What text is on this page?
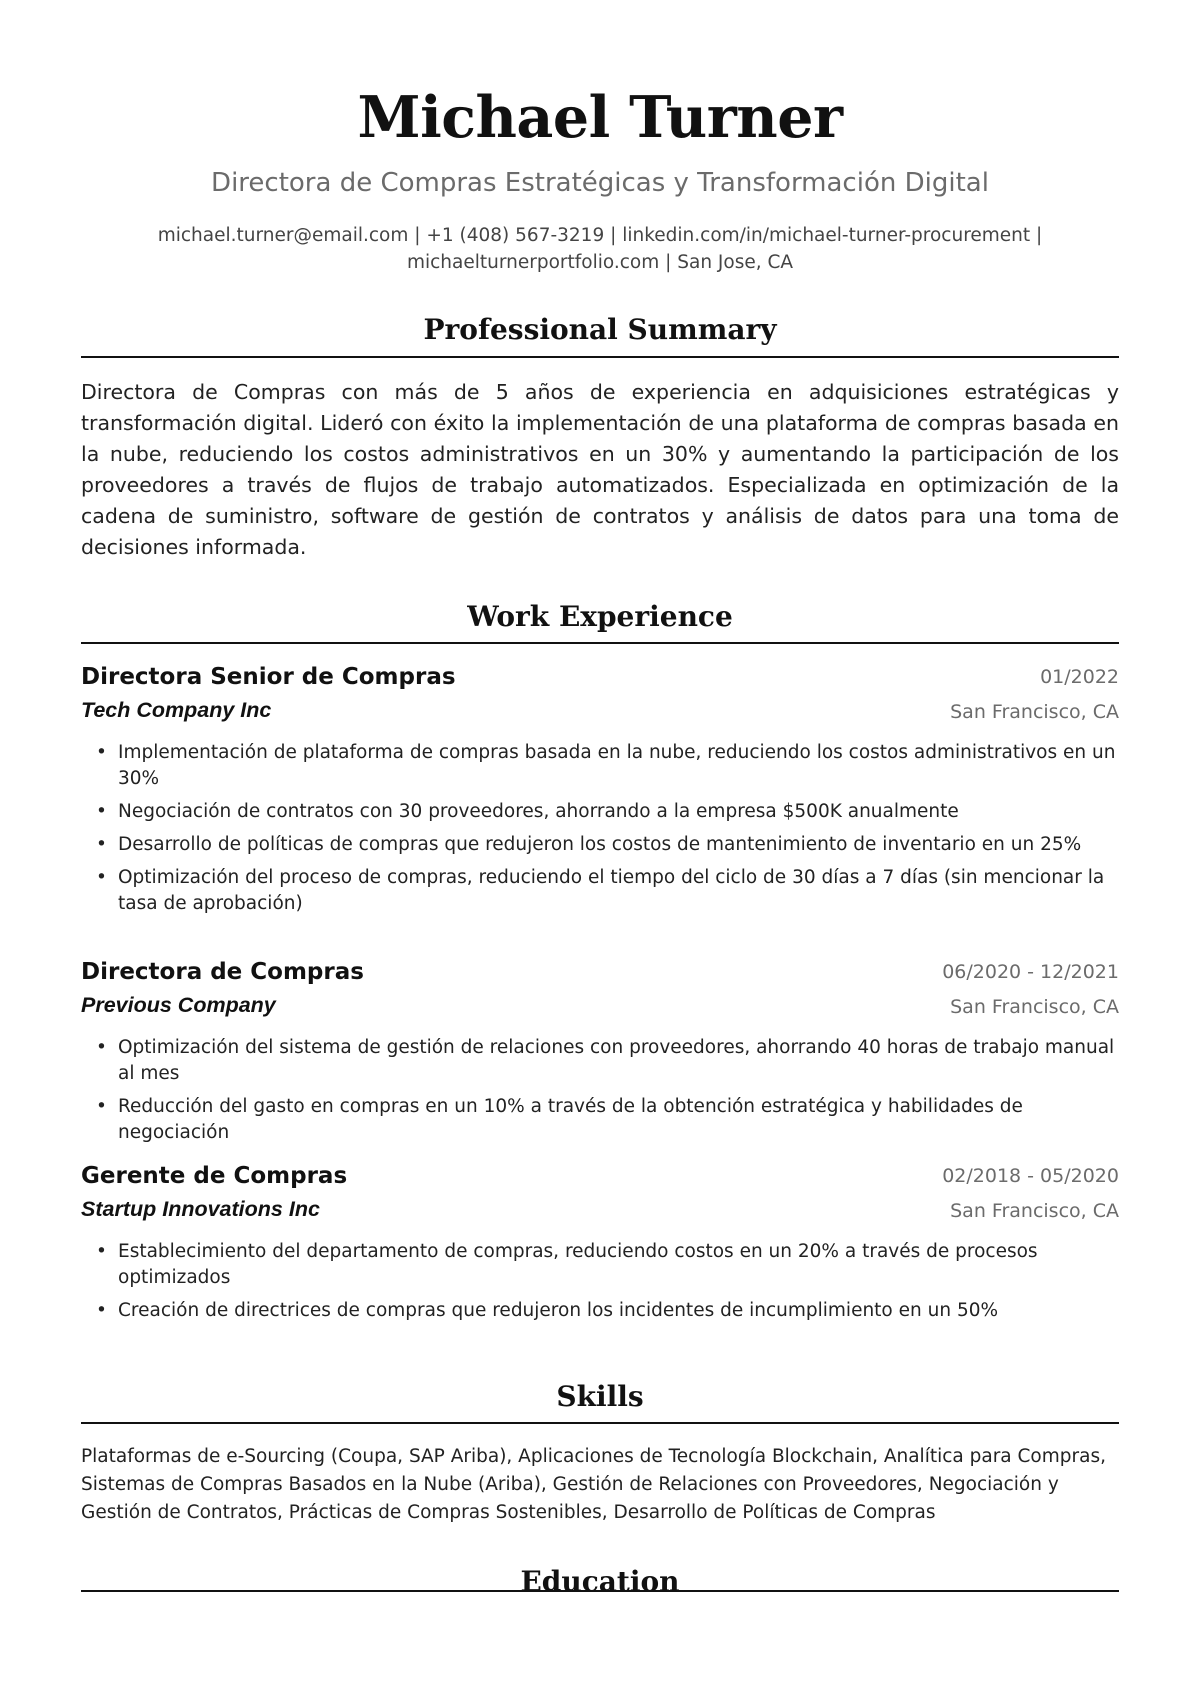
Michael Turner
Directora de Compras Estratégicas y Transformación Digital
michael.turner@email.com | +1 (408) 567-3219 | linkedin.com/in/michael-turner-procurement |
michaelturnerportfolio.com | San Jose, CA
Professional Summary

Directora de Compras con más de 5 años de experiencia en adquisiciones estratégicas y transformación digital. Lideró con éxito la implementación de una plataforma de compras basada en la nube, reduciendo los costos administrativos en un 30% y aumentando la participación de los proveedores a través de flujos de trabajo automatizados. Especializada en optimización de la cadena de suministro, software de gestión de contratos y análisis de datos para una toma de decisiones informada.

Work Experience
Directora Senior de Compras	01/2022
Tech Company Inc	San Francisco, CA
• Implementación de plataforma de compras basada en la nube, reduciendo los costos administrativos en un 30%
• Negociación de contratos con 30 proveedores, ahorrando a la empresa $500K anualmente
• Desarrollo de políticas de compras que redujeron los costos de mantenimiento de inventario en un 25%
• Optimización del proceso de compras, reduciendo el tiempo del ciclo de 30 días a 7 días (sin mencionar la tasa de aprobación)
Directora de Compras	06/2020 - 12/2021
Previous Company	San Francisco, CA
• Optimización del sistema de gestión de relaciones con proveedores, ahorrando 40 horas de trabajo manual al mes
• Reducción del gasto en compras en un 10% a través de la obtención estratégica y habilidades de negociación
Gerente de Compras	02/2018 - 05/2020
Startup Innovations Inc	San Francisco, CA
• Establecimiento del departamento de compras, reduciendo costos en un 20% a través de procesos optimizados
• Creación de directrices de compras que redujeron los incidentes de incumplimiento en un 50%
Skills

Plataformas de e-Sourcing (Coupa, SAP Ariba), Aplicaciones de Tecnología Blockchain, Analítica para Compras, Sistemas de Compras Basados en la Nube (Ariba), Gestión de Relaciones con Proveedores, Negociación y Gestión de Contratos, Prácticas de Compras Sostenibles, Desarrollo de Políticas de Compras

Education
